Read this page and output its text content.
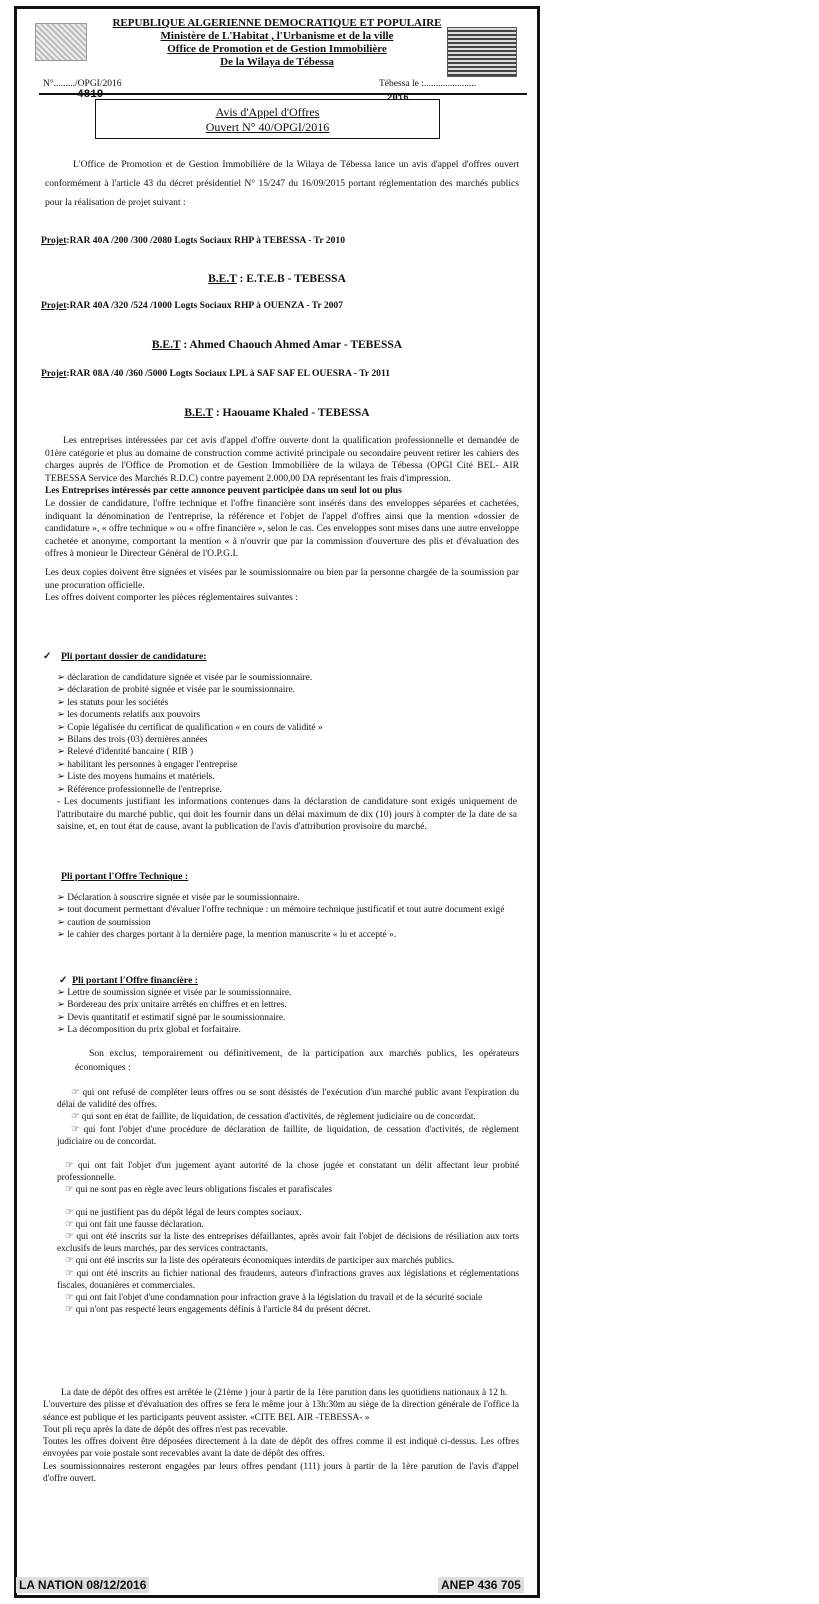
REPUBLIQUE ALGERIENNE DEMOCRATIQUE ET POPULAIRE
Ministère de L'Habitat , l'Urbanisme et de la ville
Office de Promotion et de Gestion Immobilière
De la Wilaya de Tébessa
N°........./OPGI/2016
4819
Tébessa le :......................
2016
Avis d'Appel d'Offres
Ouvert N° 40/OPGI/2016

L'Office de Promotion et de Gestion Immobilière de la Wilaya de Tébessa lance un avis d'appel d'offres ouvert conformément à l'article 43 du décret présidentiel N° 15/247 du 16/09/2015 portant réglementation des marchés publics pour la réalisation de projet suivant :

Projet:RAR 40A /200 /300 /2080 Logts Sociaux RHP à TEBESSA - Tr 2010
B.E.T : E.T.E.B - TEBESSA
Projet:RAR 40A /320 /524 /1000 Logts Sociaux RHP à OUENZA - Tr 2007
B.E.T : Ahmed Chaouch Ahmed Amar - TEBESSA
Projet:RAR 08A /40 /360 /5000 Logts Sociaux LPL à SAF SAF EL OUESRA - Tr 2011
B.E.T : Haouame Khaled - TEBESSA

Les entreprises intéressées par cet avis d'appel d'offre ouverte dont la qualification professionnelle et demandée de 01ère catégorie et plus au domaine de construction comme activité principale ou secondaire peuvent retirer les cahiers des charges auprès de l'Office de Promotion et de Gestion Immobilière de la wilaya de Tébessa (OPGI Cité BEL- AIR TEBESSA Service des Marchés R.D.C) contre payement 2.000,00 DA représentant les frais d'impression.

Les Entreprises intéressés par cette annonce peuvent participée dans un seul lot ou plus

Le dossier de candidature, l'offre technique et l'offre financière sont insérés dans des enveloppes séparées et cachetées, indiquant la dénomination de l'entreprise, la référence et l'objet de l'appel d'offres ainsi que la mention «dossier de candidature », « offre technique » ou « offre financière », selon le cas. Ces enveloppes sont mises dans une autre enveloppe cachetée et anonyme, comportant la mention « à n'ouvrir que par la commission d'ouverture des plis et d'évaluation des offres à monieur le Directeur Général de l'O.P.G.I.

Les deux copies doivent être signées et visées par le soumissionnaire ou bien par la personne chargée de la soumission par une procuration officielle.

Les offres doivent comporter les pièces réglementaires suivantes :

✓ Pli portant dossier de candidature:
➢ déclaration de candidature signée et visée par le soumissionnaire.
➢ déclaration de probité signée et visée par le soumissionnaire.
➢ les statuts pour les sociétés
➢ les documents relatifs aux pouvoirs
➢ Copie légalisée du certificat de qualification « en cours de validité »
➢ Bilans des trois (03) dernières années
➢ Relevé d'identité bancaire ( RIB )
➢ habilitant les personnes à engager l'entreprise
➢ Liste des moyens humains et matériels.
➢ Référence professionnelle de l'entreprise.

- Les documents justifiant les informations contenues dans la déclaration de candidature sont exigés uniquement de l'attributaire du marché public, qui doit les fournir dans un délai maximum de dix (10) jours à compter de la date de sa saisine, et, en tout état de cause, avant la publication de l'avis d'attribution provisoire du marché.

Pli portant l'Offre Technique :
➢ Déclaration à souscrire signée et visée par le soumissionnaire.
➢ tout document permettant d'évaluer l'offre technique : un mémoire technique justificatif et tout autre document exigé
➢ caution de soumission
➢ le cahier des charges portant à la dernière page, la mention manuscrite « lu et accepté ».
✓ Pli portant l'Offre financière :
➢ Lettre de soumission signée et visée par le soumissionnaire.
➢ Bordereau des prix unitaire arrêtés en chiffres et en lettres.
➢ Devis quantitatif et estimatif signé par le soumissionnaire.
➢ La décomposition du prix global et forfaitaire.

Son exclus, temporairement ou définitivement, de la participation aux marchés publics, les opérateurs économiques :

☞ qui ont refusé de compléter leurs offres ou se sont désistés de l'exécution d'un marché public avant l'expiration du délai de validité des offres.

☞ qui sont en état de faillite, de liquidation, de cessation d'activités, de règlement judiciaire ou de concordat.

☞ qui font l'objet d'une procédure de déclaration de faillite, de liquidation, de cessation d'activités, de règlement judiciaire ou de concordat.

☞ qui ont fait l'objet d'un jugement ayant autorité de la chose jugée et constatant un délit affectant leur probité professionnelle.

☞ qui ne sont pas en règle avec leurs obligations fiscales et parafiscales

☞ qui ne justifient pas du dépôt légal de leurs comptes sociaux.

☞ qui ont fait une fausse déclaration.

☞ qui ont été inscrits sur la liste des entreprises défaillantes, après avoir fait l'objet de décisions de résiliation aux torts exclusifs de leurs marchés, par des services contractants.

☞ qui ont été inscrits sur la liste des opérateurs économiques interdits de participer aux marchés publics.

☞ qui ont été inscrits au fichier national des fraudeurs, auteurs d'infractions graves aux législations et réglementations fiscales, douanières et commerciales.

☞ qui ont fait l'objet d'une condamnation pour infraction grave à la législation du travail et de la sécurité sociale

☞ qui n'ont pas respecté leurs engagements définis à l'article 84 du présent décret.

La date de dépôt des offres est arrêtée le (21ème ) jour à partir de la 1ère parution dans les quotidiens nationaux à 12 h.

L'ouverture des plisse et d'évaluation des offres se fera le même jour à 13h:30m au siège de la direction générale de l'office la séance est publique et les participants peuvent assister. «CITE BEL AIR -TEBESSA- »

Tout pli reçu après la date de dépôt des offres n'est pas recevable.

Toutes les offres doivent être déposées directement à la date de dépôt des offres comme il est indiqué ci-dessus. Les offres envoyées par voie postale sont recevables avant la date de dépôt des offres.

Les soumissionnaires resteront engagées par leurs offres pendant (111) jours à partir de la 1ère parution de l'avis d'appel d'offre ouvert.

LA NATION 08/12/2016	ANEP 436 705
